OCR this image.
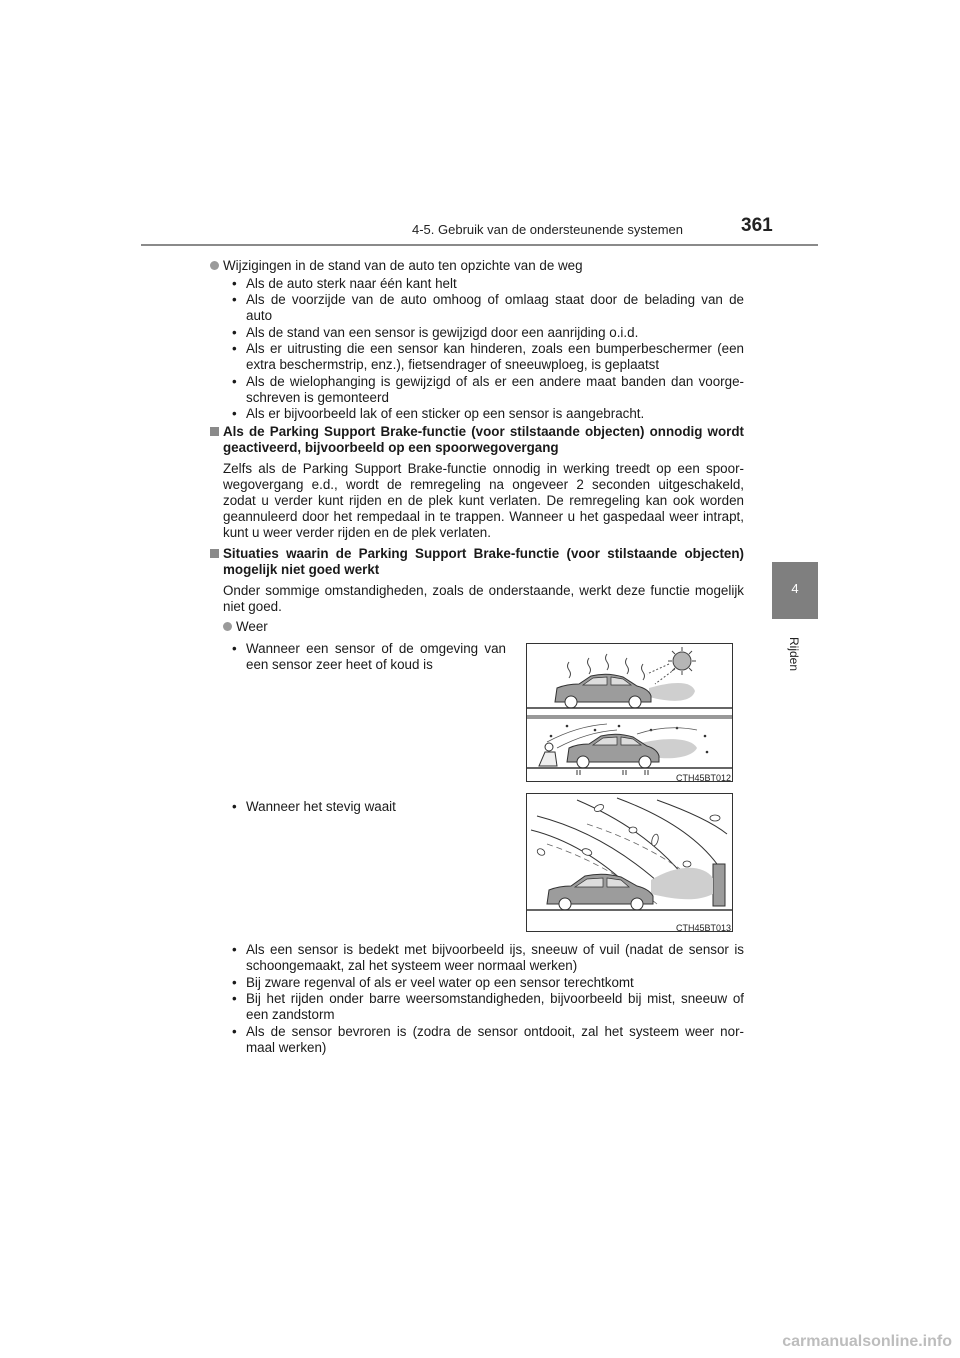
4-5. Gebruik van de ondersteunende systemen	361
4
Rijden
Wijzigingen in de stand van de auto ten opzichte van de weg
• Als de auto sterk naar één kant helt
• Als de voorzijde van de auto omhoog of omlaag staat door de belading van de
auto
• Als de stand van een sensor is gewijzigd door een aanrijding o.i.d.
• Als er uitrusting die een sensor kan hinderen, zoals een bumperbeschermer (een
extra beschermstrip, enz.), fietsendrager of sneeuwploeg, is geplaatst
• Als de wielophanging is gewijzigd of als er een andere maat banden dan voorge-
schreven is gemonteerd
• Als er bijvoorbeeld lak of een sticker op een sensor is aangebracht.
Als de Parking Support Brake-functie (voor stilstaande objecten) onnodig wordt
geactiveerd, bijvoorbeeld op een spoorwegovergang
Zelfs als de Parking Support Brake-functie onnodig in werking treedt op een spoor-
wegovergang e.d., wordt de remregeling na ongeveer 2 seconden uitgeschakeld,
zodat u verder kunt rijden en de plek kunt verlaten. De remregeling kan ook worden
geannuleerd door het rempedaal in te trappen. Wanneer u het gaspedaal weer intrapt,
kunt u weer verder rijden en de plek verlaten.
Situaties waarin de Parking Support Brake-functie (voor stilstaande objecten)
mogelijk niet goed werkt
Onder sommige omstandigheden, zoals de onderstaande, werkt deze functie mogelijk
niet goed.
Weer
• Wanneer een sensor of de omgeving van
een sensor zeer heet of koud is
CTH45BT012
• Wanneer het stevig waait
CTH45BT013
• Als een sensor is bedekt met bijvoorbeeld ijs, sneeuw of vuil (nadat de sensor is
schoongemaakt, zal het systeem weer normaal werken)
• Bij zware regenval of als er veel water op een sensor terechtkomt
• Bij het rijden onder barre weersomstandigheden, bijvoorbeeld bij mist, sneeuw of
een zandstorm
• Als de sensor bevroren is (zodra de sensor ontdooit, zal het systeem weer nor-
maal werken)
carmanualsonline.info
